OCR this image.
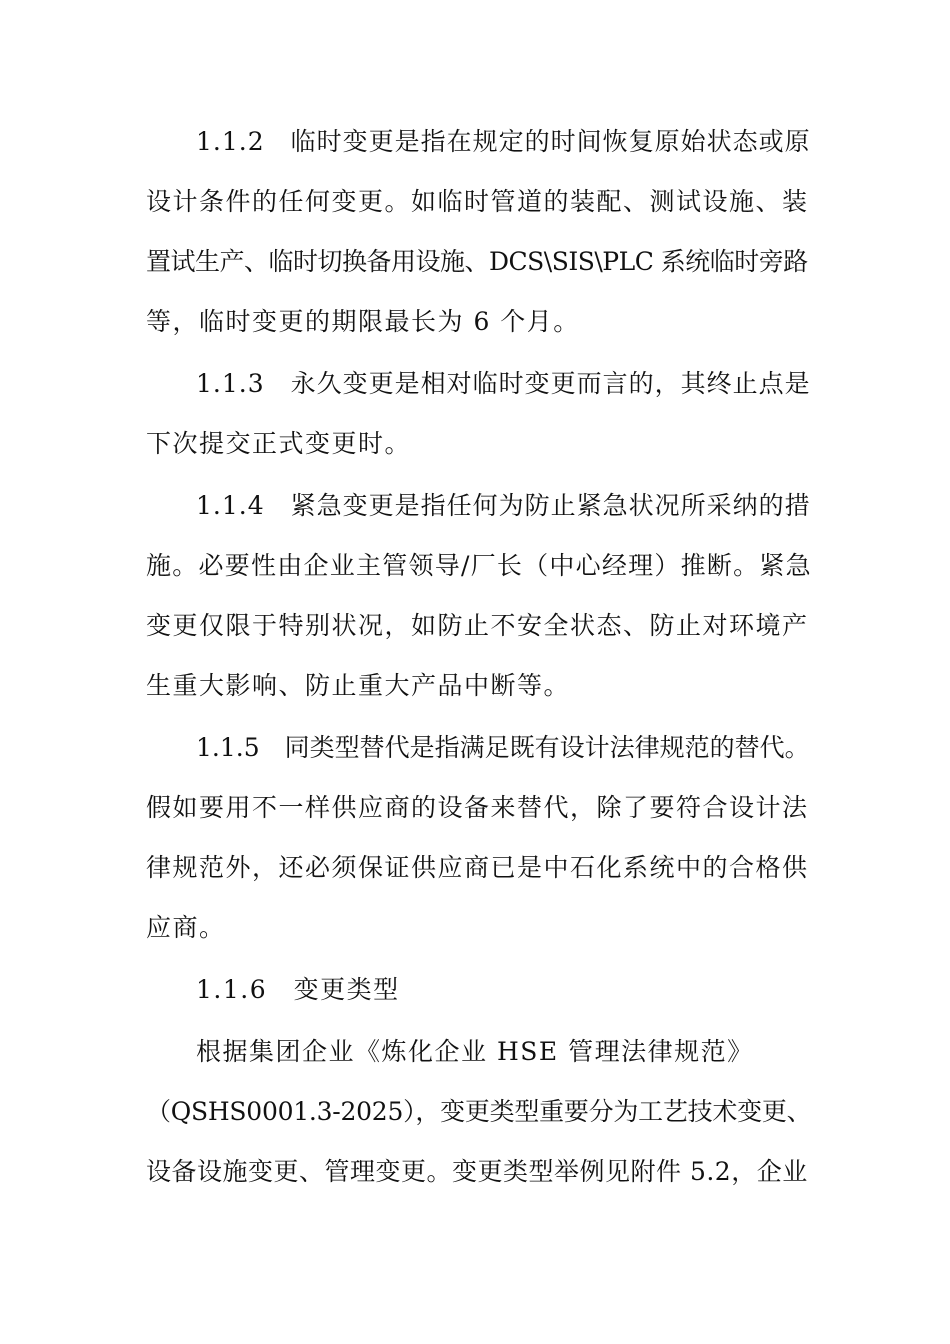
1.1.2　临时变更是指在规定的时间恢复原始状态或原
设计条件的任何变更。如临时管道的装配、测试设施、装
置试生产、临时切换备用设施、DCS\SIS\PLC 系统临时旁路
等，临时变更的期限最长为 6 个月。
1.1.3　永久变更是相对临时变更而言的，其终止点是
下次提交正式变更时。
1.1.4　紧急变更是指任何为防止紧急状况所采纳的措
施。必要性由企业主管领导/厂长（中心经理）推断。紧急
变更仅限于特别状况，如防止不安全状态、防止对环境产
生重大影响、防止重大产品中断等。
1.1.5　同类型替代是指满足既有设计法律规范的替代。
假如要用不一样供应商的设备来替代，除了要符合设计法
律规范外，还必须保证供应商已是中石化系统中的合格供
应商。
1.1.6　变更类型
根据集团企业《炼化企业 HSE 管理法律规范》
（QSHS0001.3-2025），变更类型重要分为工艺技术变更、
设备设施变更、管理变更。变更类型举例见附件 5.2，企业
